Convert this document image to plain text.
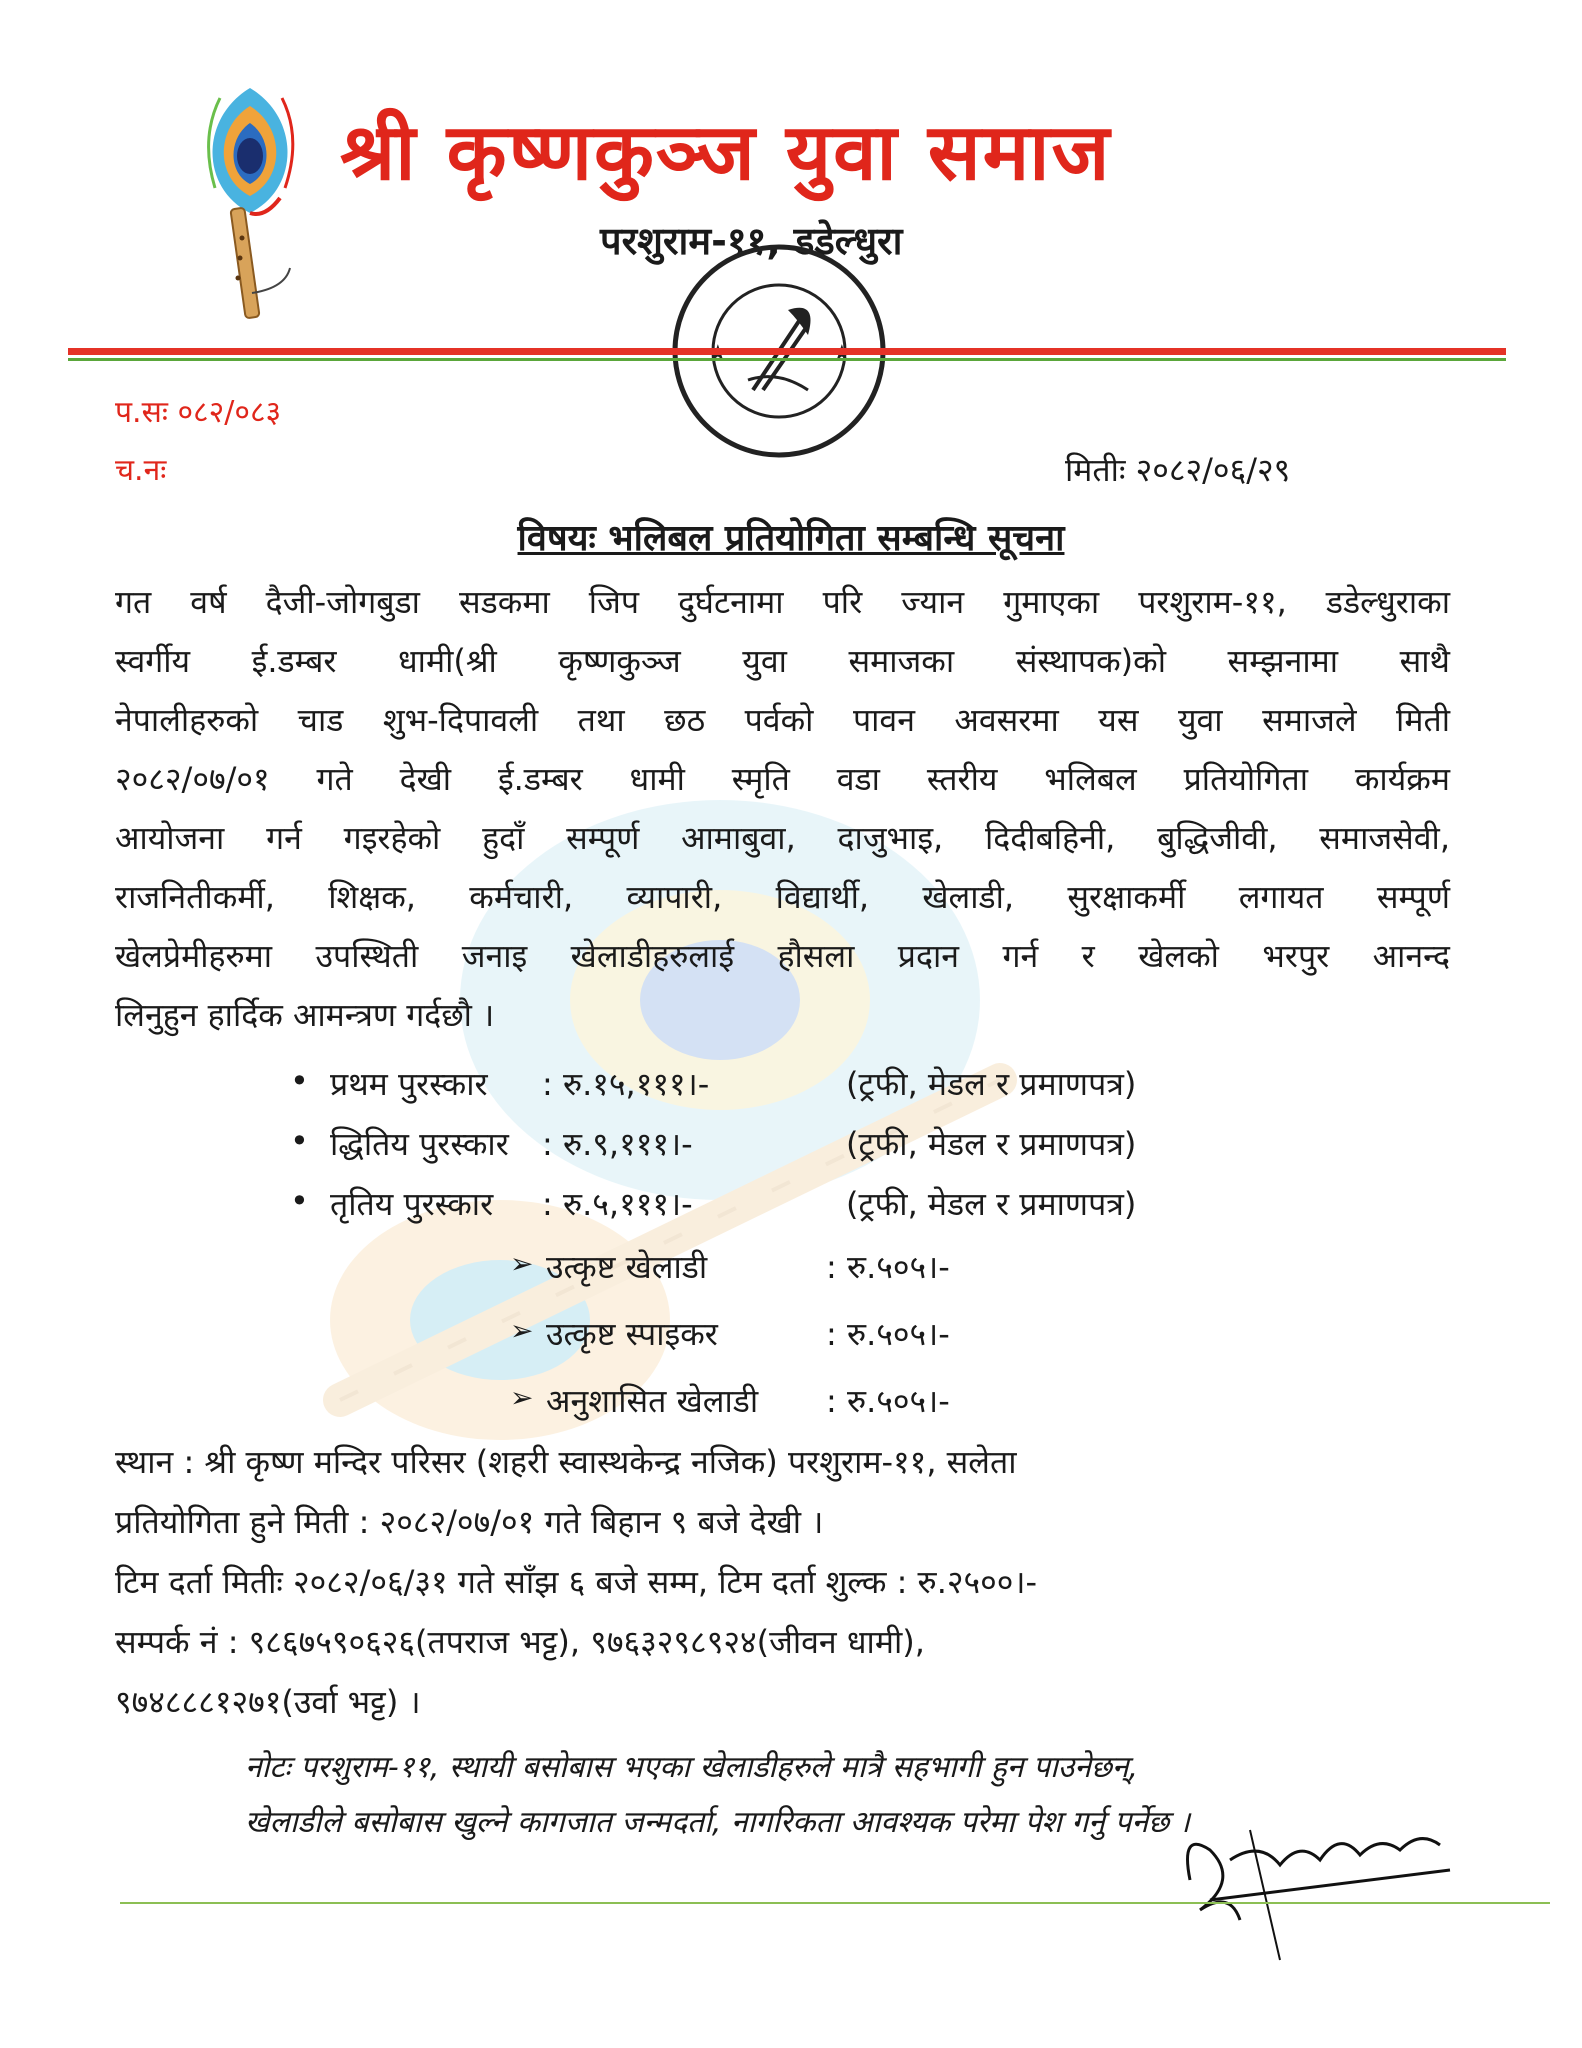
श्री कृष्णकुञ्ज युवा समाज
परशुराम-११, डडेल्धुरा
प.सः ०८२/०८३
च.नः	मितीः २०८२/०६/२९
विषयः भलिबल प्रतियोगिता सम्बन्धि सूचना
गत वर्ष दैजी-जोगबुडा सडकमा जिप दुर्घटनामा परि ज्यान गुमाएका परशुराम-११, डडेल्धुराका
स्वर्गीय ई.डम्बर धामी(श्री कृष्णकुञ्ज युवा समाजका संस्थापक)को सम्झनामा साथै
नेपालीहरुको चाड शुभ-दिपावली तथा छठ पर्वको पावन अवसरमा यस युवा समाजले मिती
२०८२/०७/०१ गते देखी ई.डम्बर धामी स्मृति वडा स्तरीय भलिबल प्रतियोगिता कार्यक्रम
आयोजना गर्न गइरहेको हुदाँ सम्पूर्ण आमाबुवा, दाजुभाइ, दिदीबहिनी, बुद्धिजीवी, समाजसेवी,
राजनितीकर्मी, शिक्षक, कर्मचारी, व्यापारी, विद्यार्थी, खेलाडी, सुरक्षाकर्मी लगायत सम्पूर्ण
खेलप्रेमीहरुमा उपस्थिती जनाइ खेलाडीहरुलाई हौसला प्रदान गर्न र खेलको भरपुर आनन्द
लिनुहुन हार्दिक आमन्त्रण गर्दछौ ।
• प्रथम पुरस्कार : रु.१५,१११।-	(ट्रफी, मेडल र प्रमाणपत्र)
• द्धितिय पुरस्कार : रु.९,१११।-	(ट्रफी, मेडल र प्रमाणपत्र)
• तृतिय पुरस्कार : रु.५,१११।-	(ट्रफी, मेडल र प्रमाणपत्र)
➢ उत्कृष्ट खेलाडी	: रु.५०५।-
➢ उत्कृष्ट स्पाइकर	: रु.५०५।-
➢ अनुशासित खेलाडी : रु.५०५।-
स्थान : श्री कृष्ण मन्दिर परिसर (शहरी स्वास्थकेन्द्र नजिक) परशुराम-११, सलेता
प्रतियोगिता हुने मिती : २०८२/०७/०१ गते बिहान ९ बजे देखी ।
टिम दर्ता मितीः २०८२/०६/३१ गते साँझ ६ बजे सम्म, टिम दर्ता शुल्क : रु.२५००।-
सम्पर्क नं : ९८६७५९०६२६(तपराज भट्ट), ९७६३२९८९२४(जीवन धामी),
९७४८८८१२७१(उर्वा भट्ट) ।
नोटः परशुराम-११, स्थायी बसोबास भएका खेलाडीहरुले मात्रै सहभागी हुन पाउनेछन्,
खेलाडीले बसोबास खुल्ने कागजात जन्मदर्ता, नागरिकता आवश्यक परेमा पेश गर्नु पर्नेछ ।
